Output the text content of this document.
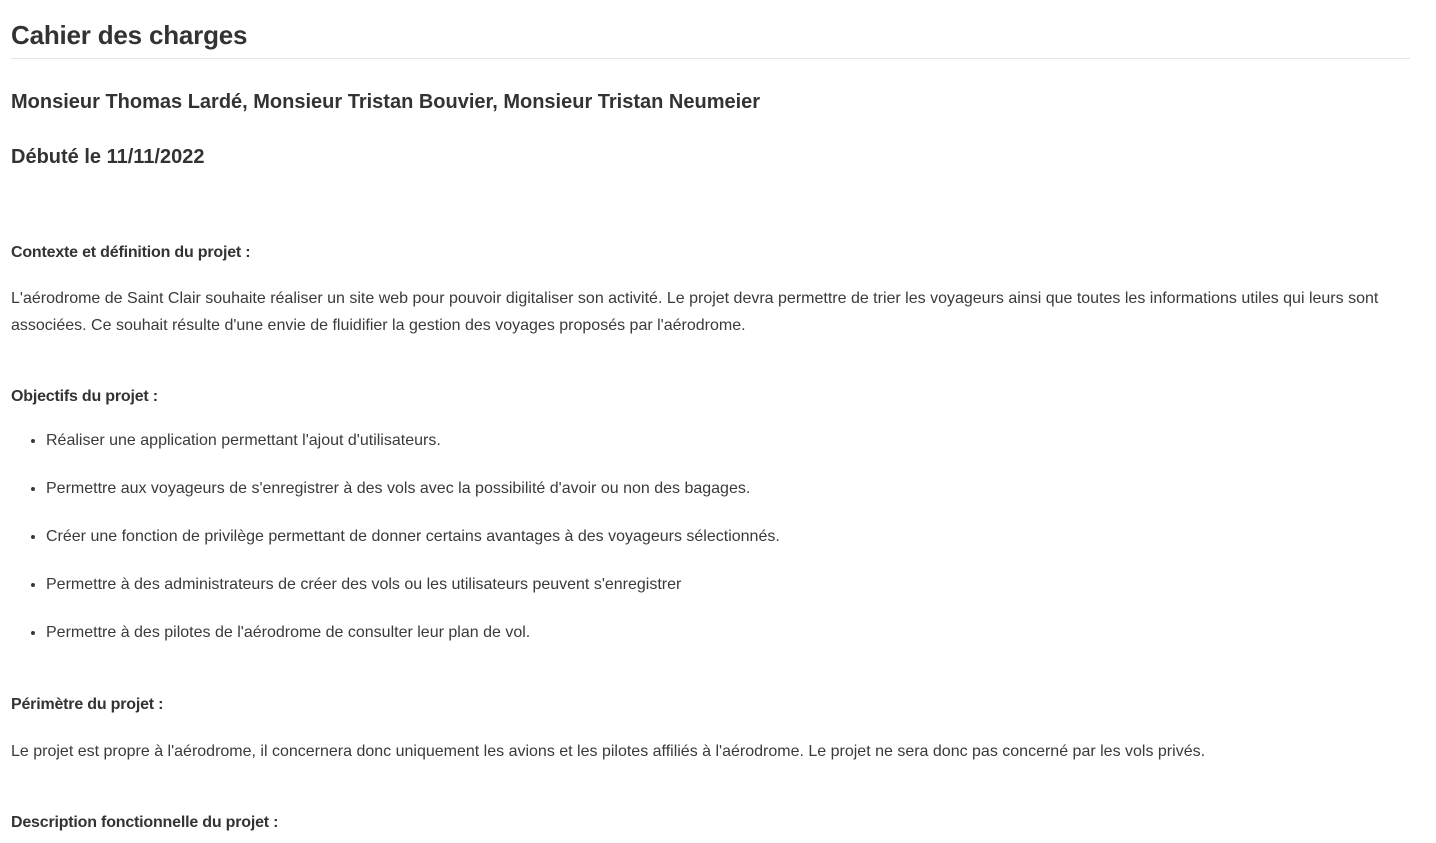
Cahier des charges
Monsieur Thomas Lardé, Monsieur Tristan Bouvier, Monsieur Tristan Neumeier
Débuté le 11/11/2022
Contexte et définition du projet :

L'aérodrome de Saint Clair souhaite réaliser un site web pour pouvoir digitaliser son activité. Le projet devra permettre de trier les voyageurs ainsi que toutes les informations utiles qui leurs sont associées. Ce souhait résulte d'une envie de fluidifier la gestion des voyages proposés par l'aérodrome.

Objectifs du projet :
• Réaliser une application permettant l'ajout d'utilisateurs.
• Permettre aux voyageurs de s'enregistrer à des vols avec la possibilité d'avoir ou non des bagages.
• Créer une fonction de privilège permettant de donner certains avantages à des voyageurs sélectionnés.
• Permettre à des administrateurs de créer des vols ou les utilisateurs peuvent s'enregistrer
• Permettre à des pilotes de l'aérodrome de consulter leur plan de vol.
Périmètre du projet :

Le projet est propre à l'aérodrome, il concernera donc uniquement les avions et les pilotes affiliés à l'aérodrome. Le projet ne sera donc pas concerné par les vols privés.

Description fonctionnelle du projet :
